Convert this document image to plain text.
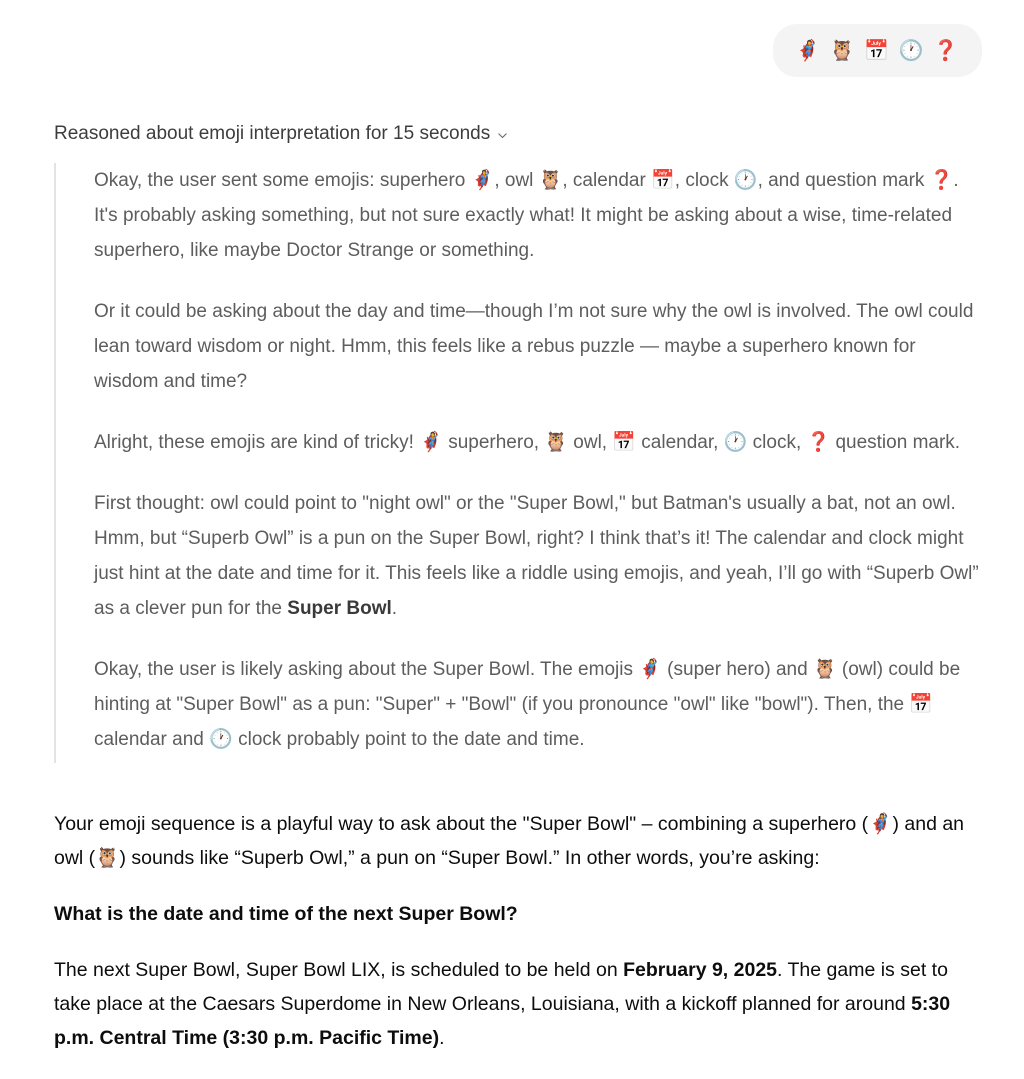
🦸‍♀️ 🦉 📅 🕐 ❓
Reasoned about emoji interpretation for 15 seconds

Okay, the user sent some emojis: superhero 🦸‍♀️, owl 🦉, calendar 📅, clock 🕐, and question mark ❓. It's probably asking something, but not sure exactly what! It might be asking about a wise, time-related superhero, like maybe Doctor Strange or something.

Or it could be asking about the day and time—though I’m not sure why the owl is involved. The owl could lean toward wisdom or night. Hmm, this feels like a rebus puzzle — maybe a superhero known for wisdom and time?

Alright, these emojis are kind of tricky! 🦸‍♀️ superhero, 🦉 owl, 📅 calendar, 🕐 clock, ❓ question mark.

First thought: owl could point to "night owl" or the "Super Bowl," but Batman's usually a bat, not an owl. Hmm, but “Superb Owl” is a pun on the Super Bowl, right? I think that’s it! The calendar and clock might just hint at the date and time for it. This feels like a riddle using emojis, and yeah, I’ll go with “Superb Owl” as a clever pun for the Super Bowl.

Okay, the user is likely asking about the Super Bowl. The emojis 🦸‍♀️ (super hero) and 🦉 (owl) could be hinting at "Super Bowl" as a pun: "Super" + "Bowl" (if you pronounce "owl" like "bowl"). Then, the 📅 calendar and 🕐 clock probably point to the date and time.

Your emoji sequence is a playful way to ask about the "Super Bowl" – combining a superhero (🦸‍♀️) and an owl (🦉) sounds like “Superb Owl,” a pun on “Super Bowl.” In other words, you’re asking:

What is the date and time of the next Super Bowl?

The next Super Bowl, Super Bowl LIX, is scheduled to be held on February 9, 2025. The game is set to take place at the Caesars Superdome in New Orleans, Louisiana, with a kickoff planned for around 5:30 p.m. Central Time (3:30 p.m. Pacific Time).
